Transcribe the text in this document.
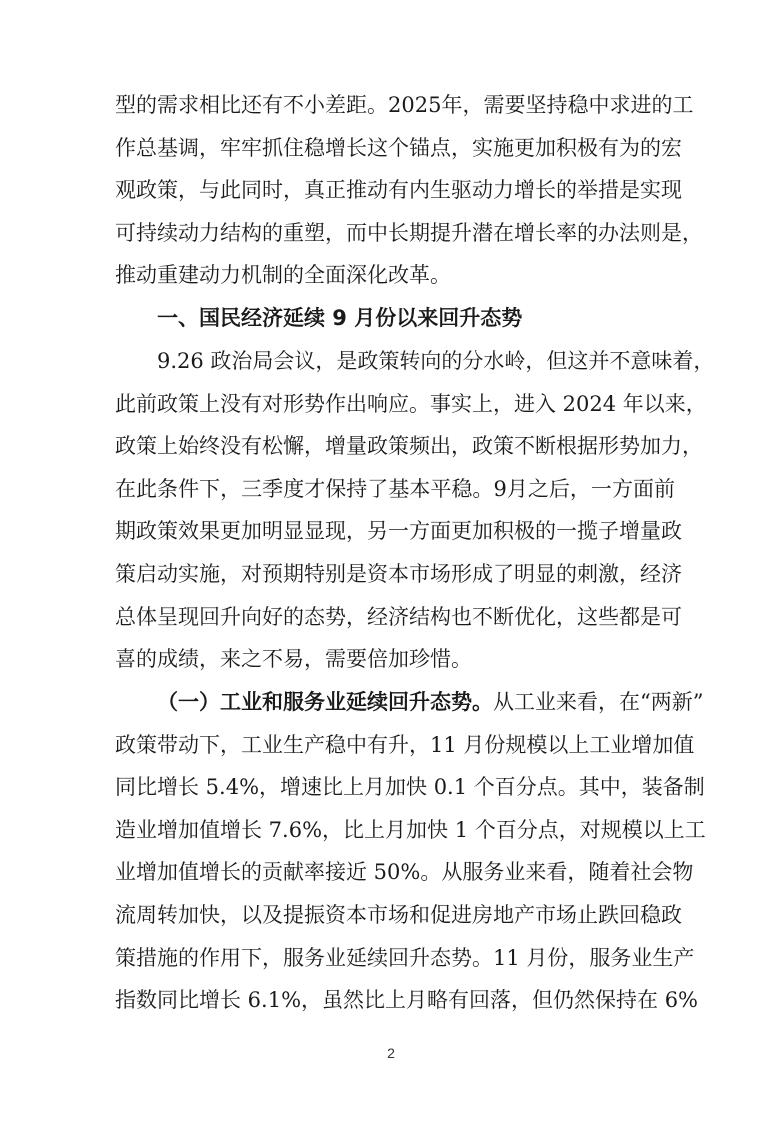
型的需求相比还有不小差距。2025年，需要坚持稳中求进的工
作总基调，牢牢抓住稳增长这个锚点，实施更加积极有为的宏
观政策，与此同时，真正推动有内生驱动力增长的举措是实现
可持续动力结构的重塑，而中长期提升潜在增长率的办法则是，
推动重建动力机制的全面深化改革。
一、国民经济延续 9 月份以来回升态势
9.26 政治局会议，是政策转向的分水岭，但这并不意味着，
此前政策上没有对形势作出响应。事实上，进入 2024 年以来，
政策上始终没有松懈，增量政策频出，政策不断根据形势加力，
在此条件下，三季度才保持了基本平稳。9月之后，一方面前
期政策效果更加明显显现，另一方面更加积极的一揽子增量政
策启动实施，对预期特别是资本市场形成了明显的刺激，经济
总体呈现回升向好的态势，经济结构也不断优化，这些都是可
喜的成绩，来之不易，需要倍加珍惜。
（一）工业和服务业延续回升态势。从工业来看，在“两新”
政策带动下，工业生产稳中有升，11 月份规模以上工业增加值
同比增长 5.4%，增速比上月加快 0.1 个百分点。其中，装备制
造业增加值增长 7.6%，比上月加快 1 个百分点，对规模以上工
业增加值增长的贡献率接近 50%。从服务业来看，随着社会物
流周转加快，以及提振资本市场和促进房地产市场止跌回稳政
策措施的作用下，服务业延续回升态势。11 月份，服务业生产
指数同比增长 6.1%，虽然比上月略有回落，但仍然保持在 6%
2
